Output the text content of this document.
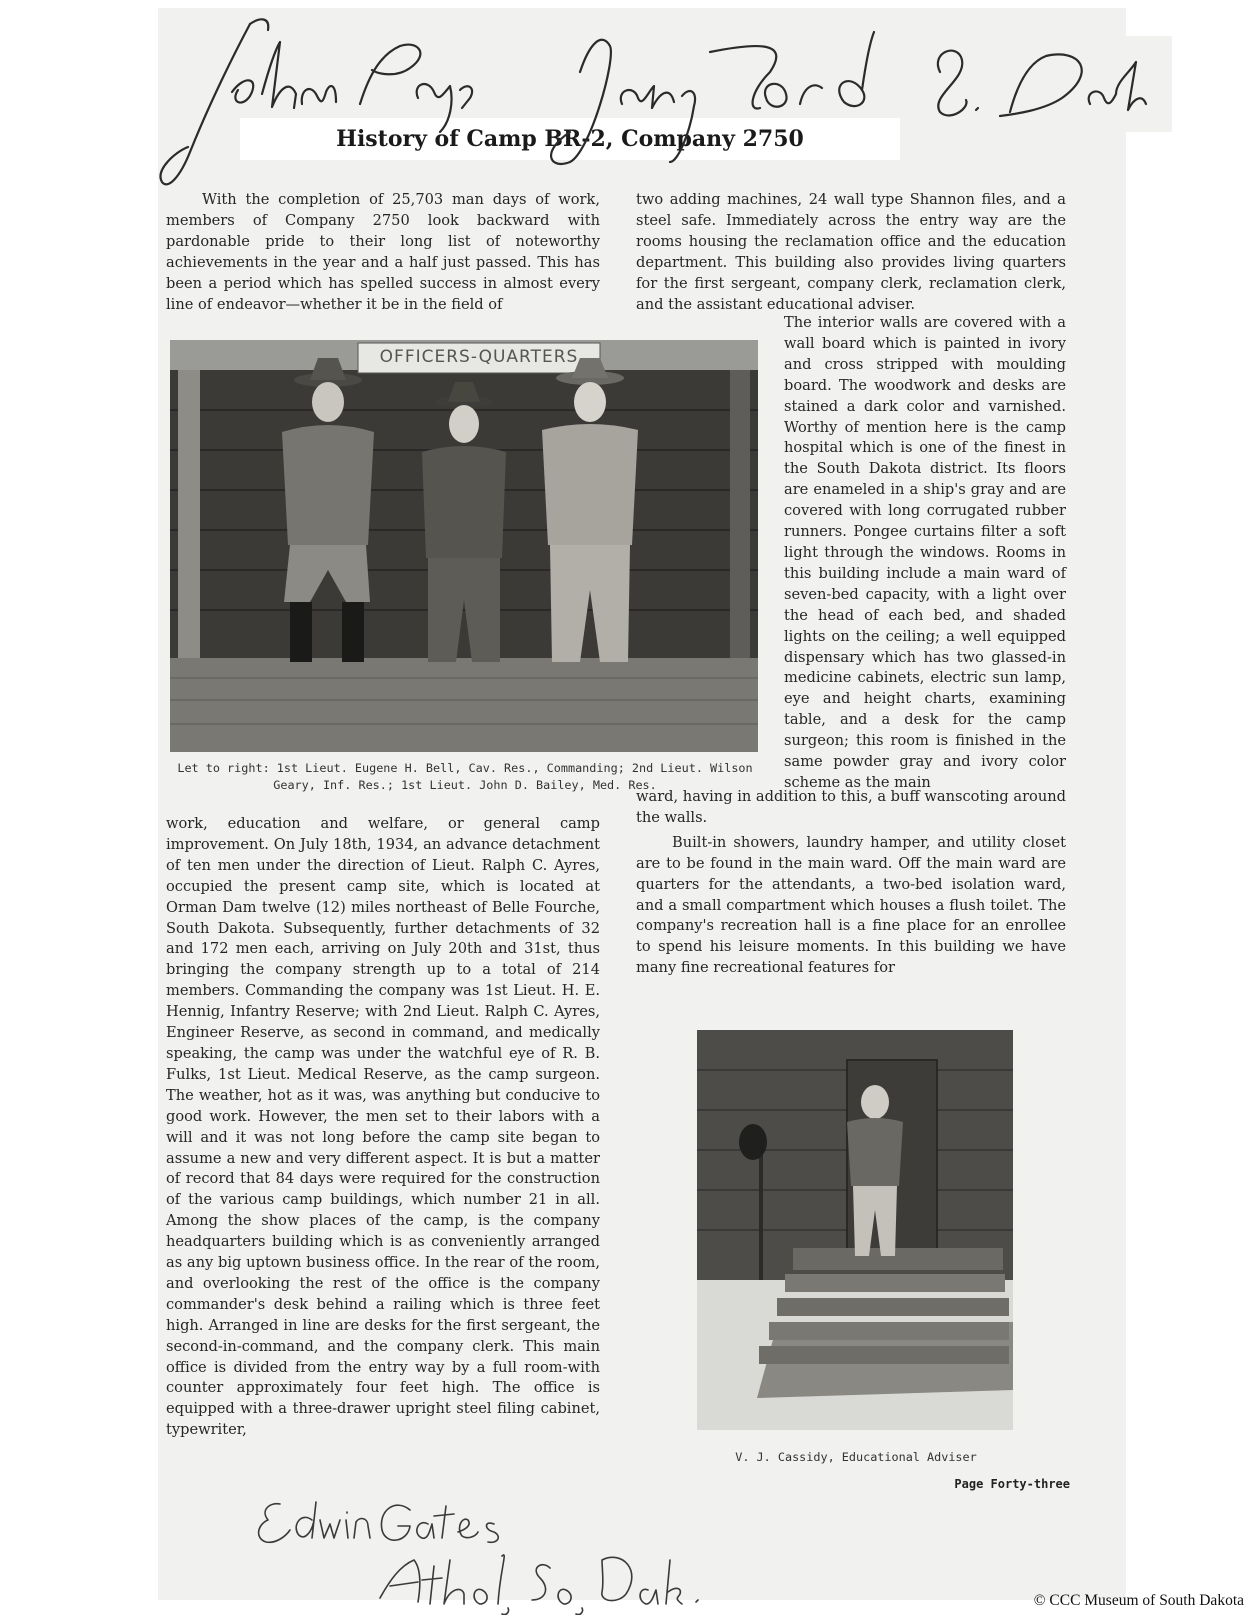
History of Camp BR-2, Company 2750

With the completion of 25,703 man days of work, members of Company 2750 look backward with pardonable pride to their long list of noteworthy achievements in the year and a half just passed. This has been a period which has spelled success in almost every line of endeavor—whether it be in the field of

two adding machines, 24 wall type Shannon files, and a steel safe. Immediately across the entry way are the rooms housing the reclamation office and the education department. This building also provides living quarters for the first sergeant, company clerk, reclamation clerk, and the assistant educational adviser.

The interior walls are covered with a wall board which is painted in ivory and cross stripped with moulding board. The woodwork and desks are stained a dark color and varnished. Worthy of mention here is the camp hospital which is one of the finest in the South Dakota district. Its floors are enameled in a ship's gray and are covered with long corrugated rubber runners. Pongee curtains filter a soft light through the windows. Rooms in this building include a main ward of seven-bed capacity, with a light over the head of each bed, and shaded lights on the ceiling; a well equipped dispensary which has two glassed-in medicine cabinets, electric sun lamp, eye and height charts, examining table, and a desk for the camp surgeon; this room is finished in the same powder gray and ivory color scheme as the main

ward, having in addition to this, a buff wanscoting around the walls.

Built-in showers, laundry hamper, and utility closet are to be found in the main ward. Off the main ward are quarters for the attendants, a two-bed isolation ward, and a small compartment which houses a flush toilet. The company's recreation hall is a fine place for an enrollee to spend his leisure moments. In this building we have many fine recreational features for

work, education and welfare, or general camp improvement. On July 18th, 1934, an advance detachment of ten men under the direction of Lieut. Ralph C. Ayres, occupied the present camp site, which is located at Orman Dam twelve (12) miles northeast of Belle Fourche, South Dakota. Subsequently, further detachments of 32 and 172 men each, arriving on July 20th and 31st, thus bringing the company strength up to a total of 214 members. Commanding the company was 1st Lieut. H. E. Hennig, Infantry Reserve; with 2nd Lieut. Ralph C. Ayres, Engineer Reserve, as second in command, and medically speaking, the camp was under the watchful eye of R. B. Fulks, 1st Lieut. Medical Reserve, as the camp surgeon. The weather, hot as it was, was anything but conducive to good work. However, the men set to their labors with a will and it was not long before the camp site began to assume a new and very different aspect. It is but a matter of record that 84 days were required for the construction of the various camp buildings, which number 21 in all. Among the show places of the camp, is the company headquarters building which is as conveniently arranged as any big uptown business office. In the rear of the room, and overlooking the rest of the office is the company commander's desk behind a railing which is three feet high. Arranged in line are desks for the first sergeant, the second-in-command, and the company clerk. This main office is divided from the entry way by a full room-with counter approximately four feet high. The office is equipped with a three-drawer upright steel filing cabinet, typewriter,

OFFICERS-QUARTERS
Let to right: 1st Lieut. Eugene H. Bell, Cav. Res., Commanding; 2nd Lieut. Wilson Geary, Inf. Res.; 1st Lieut. John D. Bailey, Med. Res.
V. J. Cassidy, Educational Adviser
Page Forty-three
© CCC Museum of South Dakota
